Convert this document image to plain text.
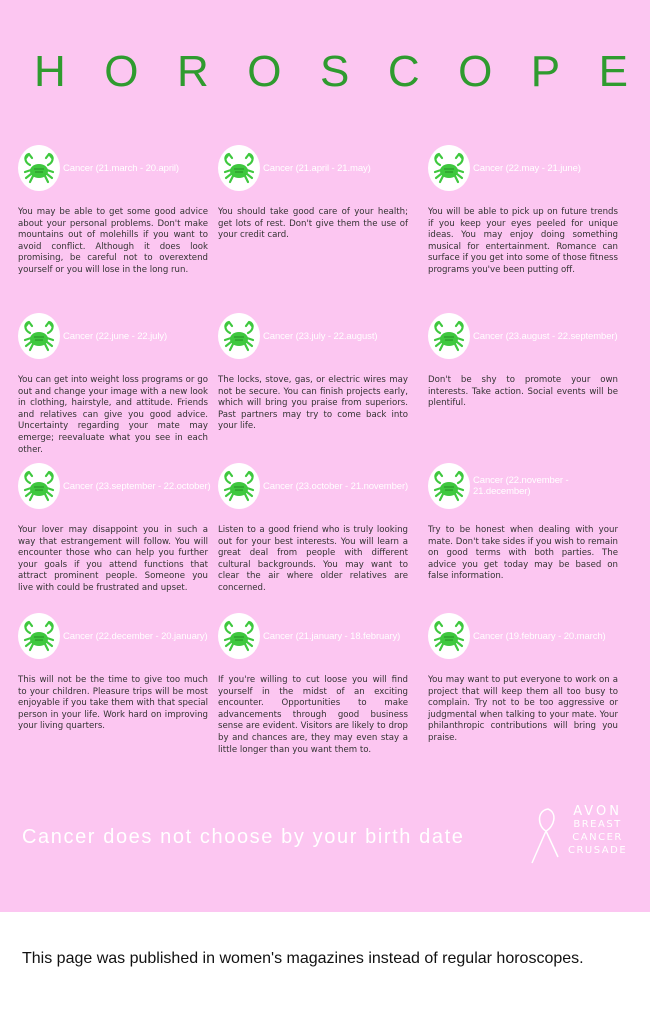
H O R O S C O P E
Cancer (21.march - 20.april)
You may be able to get some good advice about your personal problems. Don't make mountains out of molehills if you want to avoid conflict. Although it does look promising, be careful not to overextend yourself or you will lose in the long run.
Cancer (21.april - 21.may)
You should take good care of your health; get lots of rest. Don't give them the use of your credit card.
Cancer (22.may - 21.june)
You will be able to pick up on future trends if you keep your eyes peeled for unique ideas. You may enjoy doing something musical for entertainment. Romance can surface if you get into some of those fitness programs you've been putting off.
Cancer (22.june - 22.july)
You can get into weight loss programs or go out and change your image with a new look in clothing, hairstyle, and attitude. Friends and relatives can give you good advice. Uncertainty regarding your mate may emerge; reevaluate what you see in each other.
Cancer (23.july - 22.august)
The locks, stove, gas, or electric wires may not be secure. You can finish projects early, which will bring you praise from superiors. Past partners may try to come back into your life.
Cancer (23.august - 22.september)
Don't be shy to promote your own interests. Take action. Social events will be plentiful.
Cancer (23.september - 22.october)
Your lover may disappoint you in such a way that estrangement will follow. You will encounter those who can help you further your goals if you attend functions that attract prominent people. Someone you live with could be frustrated and upset.
Cancer (23.october - 21.november)
Listen to a good friend who is truly looking out for your best interests. You will learn a great deal from people with different cultural backgrounds. You may want to clear the air where older relatives are concerned.
Cancer (22.november - 21.december)
Try to be honest when dealing with your mate. Don't take sides if you wish to remain on good terms with both parties. The advice you get today may be based on false information.
Cancer (22.december - 20.january)
This will not be the time to give too much to your children. Pleasure trips will be most enjoyable if you take them with that special person in your life. Work hard on improving your living quarters.
Cancer (21.january - 18.february)
If you're willing to cut loose you will find yourself in the midst of an exciting encounter. Opportunities to make advancements through good business sense are evident. Visitors are likely to drop by and chances are, they may even stay a little longer than you want them to.
Cancer (19.february - 20.march)
You may want to put everyone to work on a project that will keep them all too busy to complain. Try not to be too aggressive or judgmental when talking to your mate. Your philanthropic contributions will bring you praise.
Cancer does not choose by your birth date
AVON
BREAST
CANCER
CRUSADE
This page was published in women's magazines instead of regular horoscopes.
